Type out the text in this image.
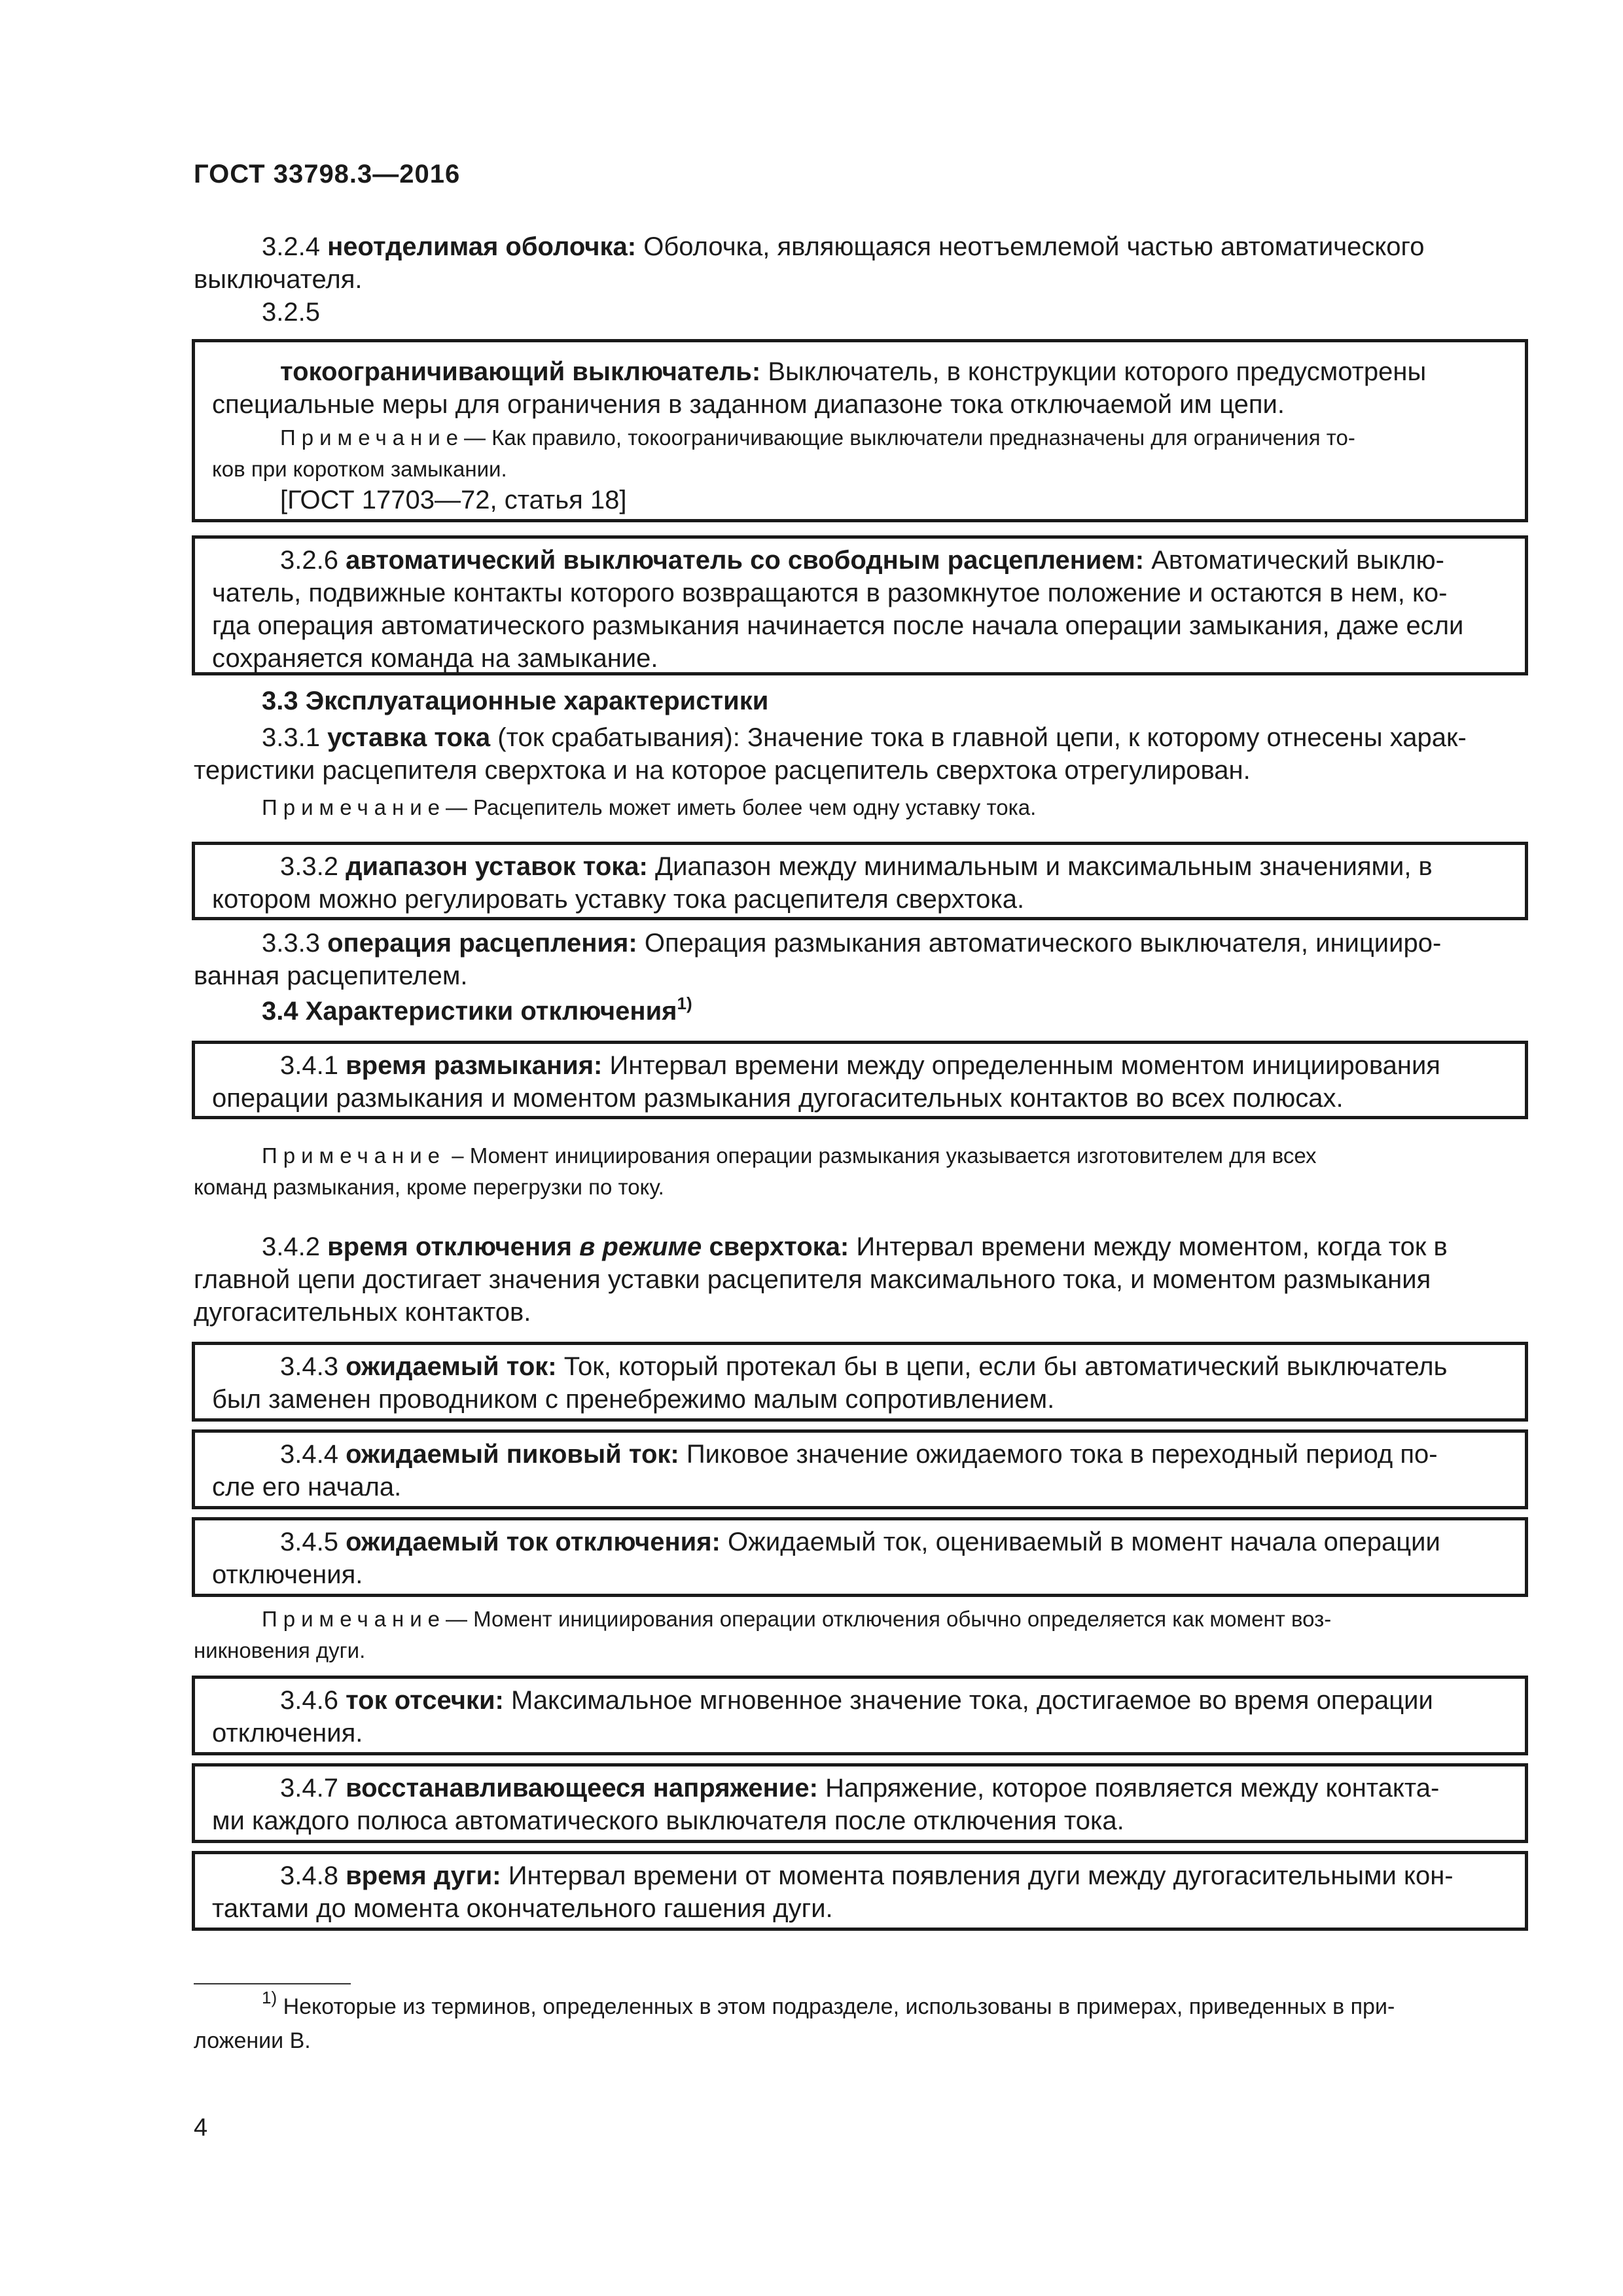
ГОСТ 33798.3—2016
3.2.4 неотделимая оболочка: Оболочка, являющаяся неотъемлемой частью автоматического
выключателя.
3.2.5
токоограничивающий выключатель: Выключатель, в конструкции которого предусмотрены
специальные меры для ограничения в заданном диапазоне тока отключаемой им цепи.
Примечание— Как правило, токоограничивающие выключатели предназначены для ограничения то-
ков при коротком замыкании.
[ГОСТ 17703—72, статья 18]
3.2.6 автоматический выключатель со свободным расцеплением: Автоматический выклю-
чатель, подвижные контакты которого возвращаются в разомкнутое положение и остаются в нем, ко-
гда операция автоматического размыкания начинается после начала операции замыкания, даже если
сохраняется команда на замыкание.
3.3 Эксплуатационные характеристики
3.3.1 уставка тока (ток срабатывания): Значение тока в главной цепи, к которому отнесены харак-
теристики расцепителя сверхтока и на которое расцепитель сверхтока отрегулирован.
Примечание— Расцепитель может иметь более чем одну уставку тока.
3.3.2 диапазон уставок тока: Диапазон между минимальным и максимальным значениями, в
котором можно регулировать уставку тока расцепителя сверхтока.
3.3.3 операция расцепления: Операция размыкания автоматического выключателя, иницииро-
ванная расцепителем.
3.4 Характеристики отключения$^{1)}$
3.4.1 время размыкания: Интервал времени между определенным моментом инициирования
операции размыкания и моментом размыкания дугогасительных контактов во всех полюсах.
Примечание – Момент инициирования операции размыкания указывается изготовителем для всех
команд размыкания, кроме перегрузки по току.
3.4.2 время отключения в режиме сверхтока: Интервал времени между моментом, когда ток в
главной цепи достигает значения уставки расцепителя максимального тока, и моментом размыкания
дугогасительных контактов.
3.4.3 ожидаемый ток: Ток, который протекал бы в цепи, если бы автоматический выключатель
был заменен проводником с пренебрежимо малым сопротивлением.
3.4.4 ожидаемый пиковый ток: Пиковое значение ожидаемого тока в переходный период по-
сле его начала.
3.4.5 ожидаемый ток отключения: Ожидаемый ток, оцениваемый в момент начала операции
отключения.
Примечание— Момент инициирования операции отключения обычно определяется как момент воз-
никновения дуги.
3.4.6 ток отсечки: Максимальное мгновенное значение тока, достигаемое во время операции
отключения.
3.4.7 восстанавливающееся напряжение: Напряжение, которое появляется между контакта-
ми каждого полюса автоматического выключателя после отключения тока.
3.4.8 время дуги: Интервал времени от момента появления дуги между дугогасительными кон-
тактами до момента окончательного гашения дуги.
$^{1)}$ Некоторые из терминов, определенных в этом подразделе, использованы в примерах, приведенных в при-
ложении В.
4
